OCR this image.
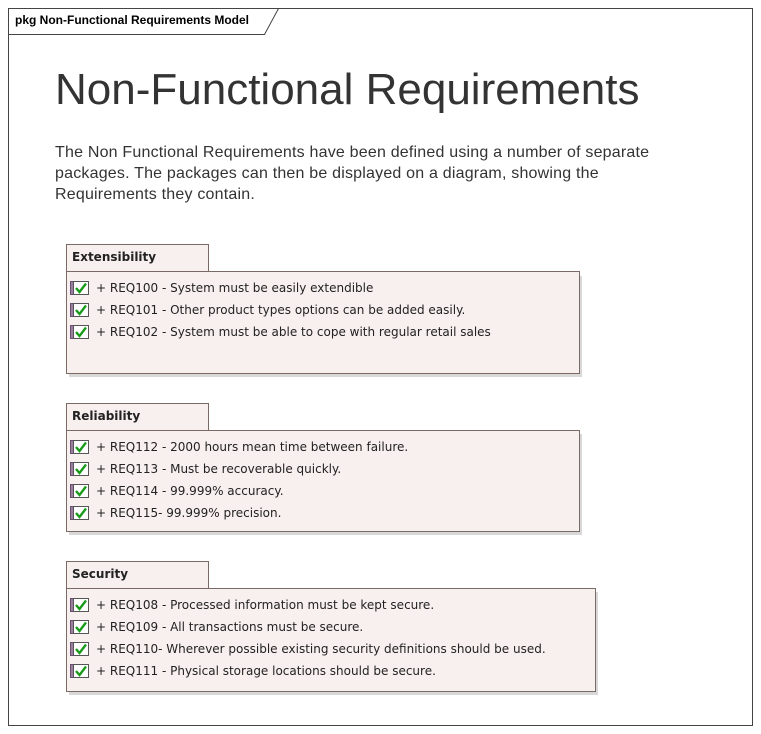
pkg Non-Functional Requirements Model
Non-Functional Requirements
The Non Functional Requirements have been defined using a number of separate packages. The packages can then be displayed on a diagram, showing the Requirements they contain.
Extensibility
+ REQ100 - System must be easily extendible
+ REQ101 - Other product types options can be added easily.
+ REQ102 - System must be able to cope with regular retail sales
Reliability
+ REQ112 - 2000 hours mean time between failure.
+ REQ113 - Must be recoverable quickly.
+ REQ114 - 99.999% accuracy.
+ REQ115- 99.999% precision.
Security
+ REQ108 - Processed information must be kept secure.
+ REQ109 - All transactions must be secure.
+ REQ110- Wherever possible existing security definitions should be used.
+ REQ111 - Physical storage locations should be secure.
